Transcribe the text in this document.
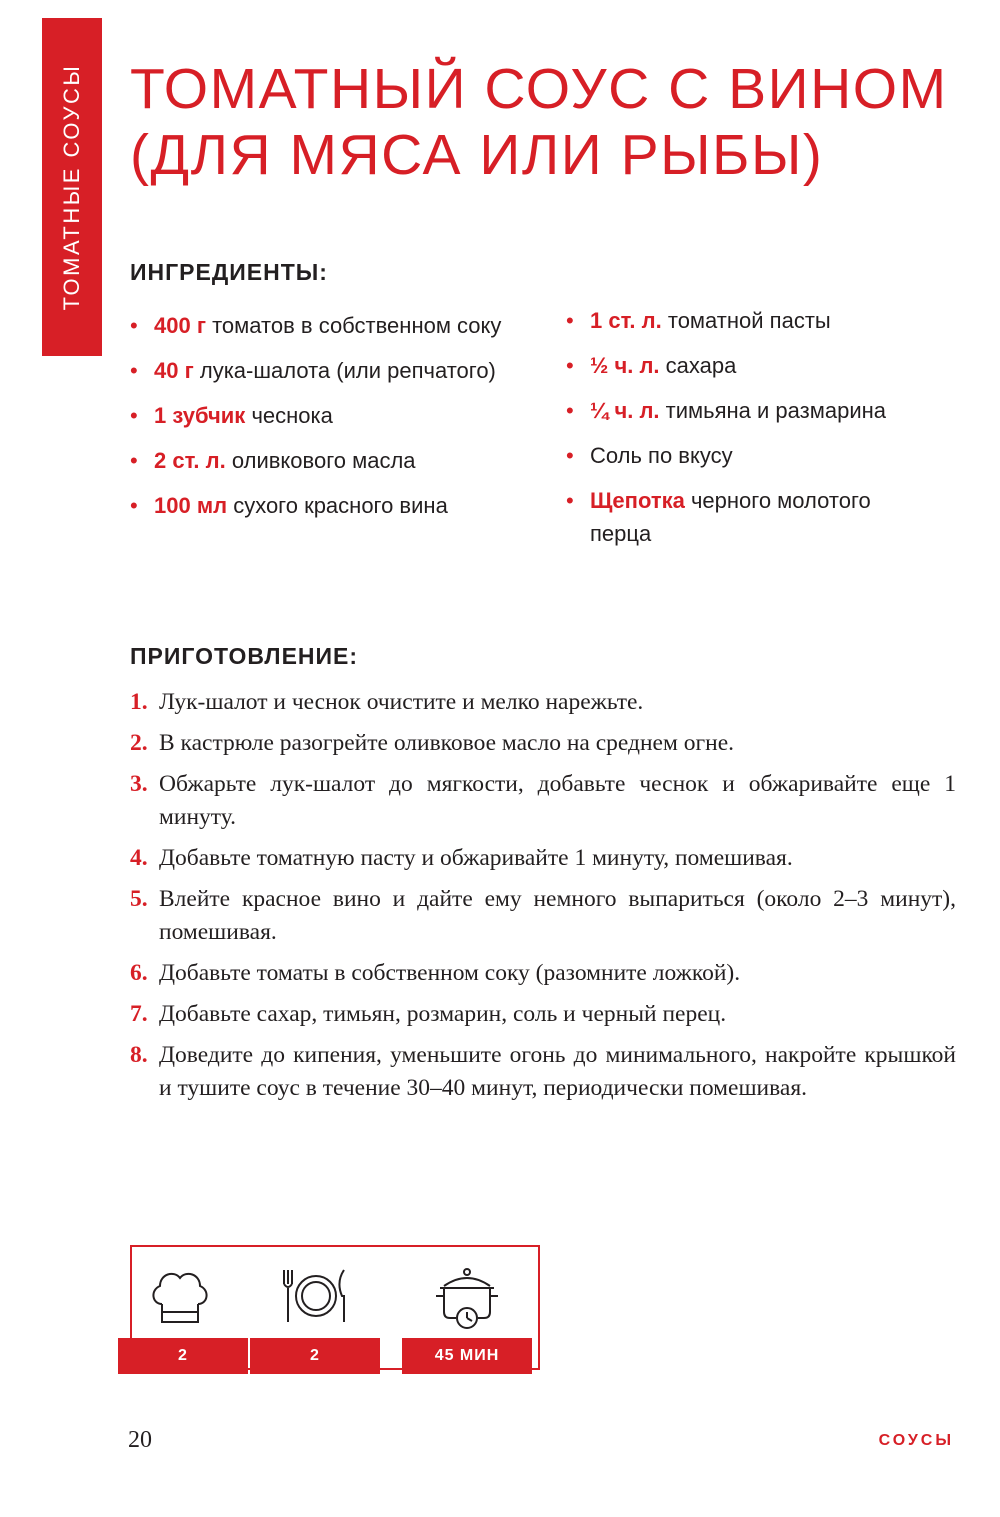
ТОМАТНЫЕ СОУСЫ ТОМАТНЫЙ СОУС С ВИНОМ
(ДЛЯ МЯСА ИЛИ РЫБЫ)
ИНГРЕДИЕНТЫ:
• 400 г томатов в собственном соку
• 40 г лука-шалота (или репчатого)
• 1 зубчик чеснока
• 2 ст. л. оливкового масла
• 100 мл сухого красного вина
• 1 ст. л. томатной пасты
• ½ ч. л. сахара
• ¼ ч. л. тимьяна и размарина
• Соль по вкусу
• Щепотка черного молотого перца
ПРИГОТОВЛЕНИЕ:
1. Лук-шалот и чеснок очистите и мелко нарежьте.
2. В кастрюле разогрейте оливковое масло на среднем огне.
3. Обжарьте лук-шалот до мягкости, добавьте чеснок и обжаривайте еще 1 минуту.
4. Добавьте томатную пасту и обжаривайте 1 минуту, помешивая.
5. Влейте красное вино и дайте ему немного выпариться (около 2–3 минут), помешивая.
6. Добавьте томаты в собственном соку (разомните ложкой).
7. Добавьте сахар, тимьян, розмарин, соль и черный перец.
8. Доведите до кипения, уменьшите огонь до минимального, накройте крышкой и тушите соус в течение 30–40 минут, периодически помешивая.
2	2	45 МИН
20	СОУСЫ
